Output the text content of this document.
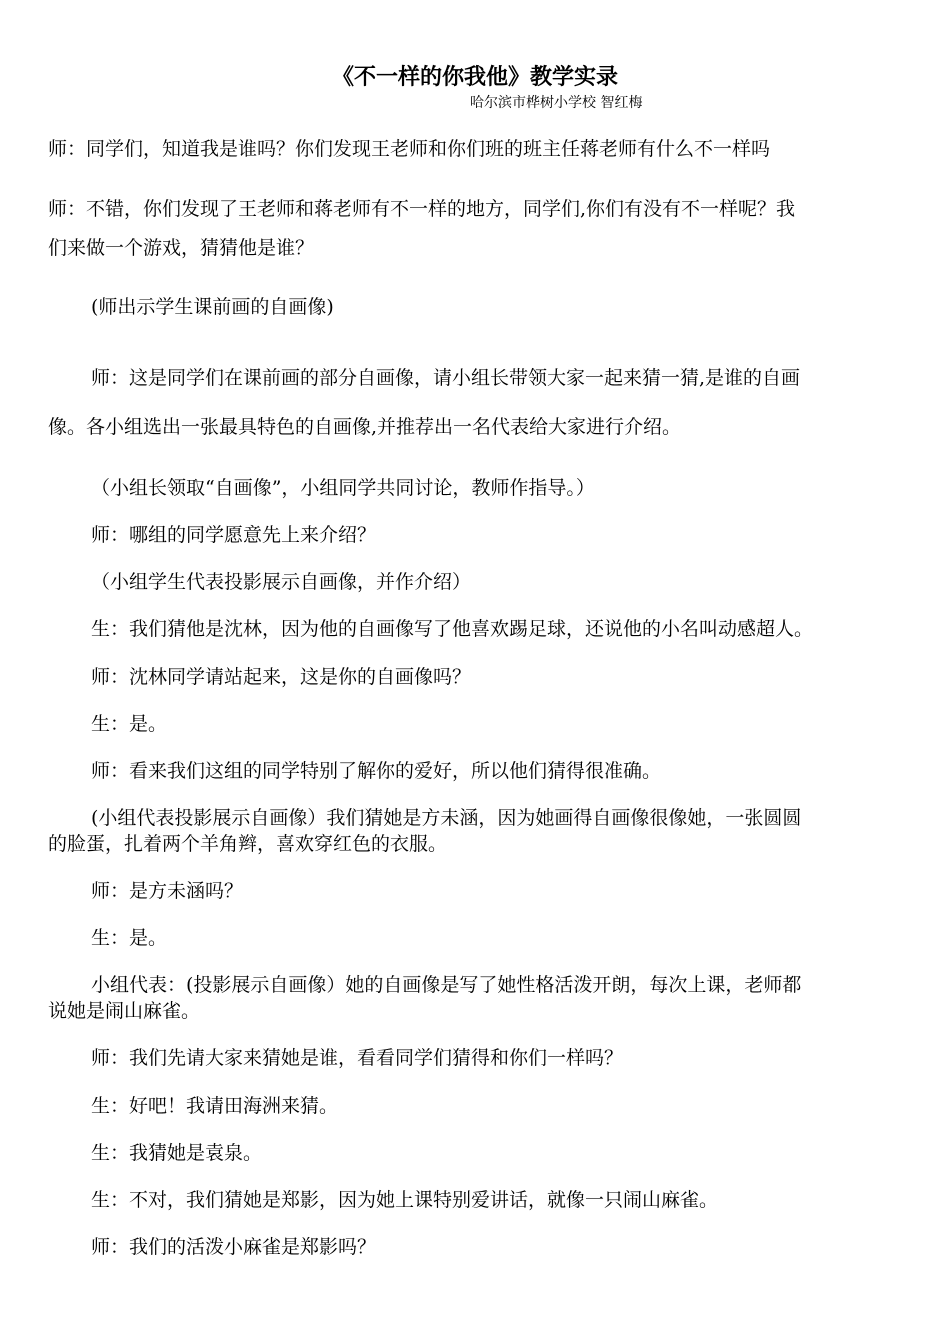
《不一样的你我他》教学实录
哈尔滨市桦树小学校 智红梅
师：同学们，知道我是谁吗？你们发现王老师和你们班的班主任蒋老师有什么不一样吗
师：不错，你们发现了王老师和蒋老师有不一样的地方，同学们,你们有没有不一样呢？我
们来做一个游戏，猜猜他是谁？
(师出示学生课前画的自画像)
师：这是同学们在课前画的部分自画像，请小组长带领大家一起来猜一猜,是谁的自画
像。各小组选出一张最具特色的自画像,并推荐出一名代表给大家进行介绍。
（小组长领取“自画像”，小组同学共同讨论，教师作指导。）
师：哪组的同学愿意先上来介绍？
（小组学生代表投影展示自画像，并作介绍）
生：我们猜他是沈林，因为他的自画像写了他喜欢踢足球，还说他的小名叫动感超人。
师：沈林同学请站起来，这是你的自画像吗？
生：是。
师：看来我们这组的同学特别了解你的爱好，所以他们猜得很准确。
(小组代表投影展示自画像）我们猜她是方未涵，因为她画得自画像很像她，一张圆圆
的脸蛋，扎着两个羊角辫，喜欢穿红色的衣服。
师：是方未涵吗？
生：是。
小组代表：(投影展示自画像）她的自画像是写了她性格活泼开朗，每次上课，老师都
说她是闹山麻雀。
师：我们先请大家来猜她是谁，看看同学们猜得和你们一样吗？
生：好吧！我请田海洲来猜。
生：我猜她是袁泉。
生：不对，我们猜她是郑影，因为她上课特别爱讲话，就像一只闹山麻雀。
师：我们的活泼小麻雀是郑影吗？
